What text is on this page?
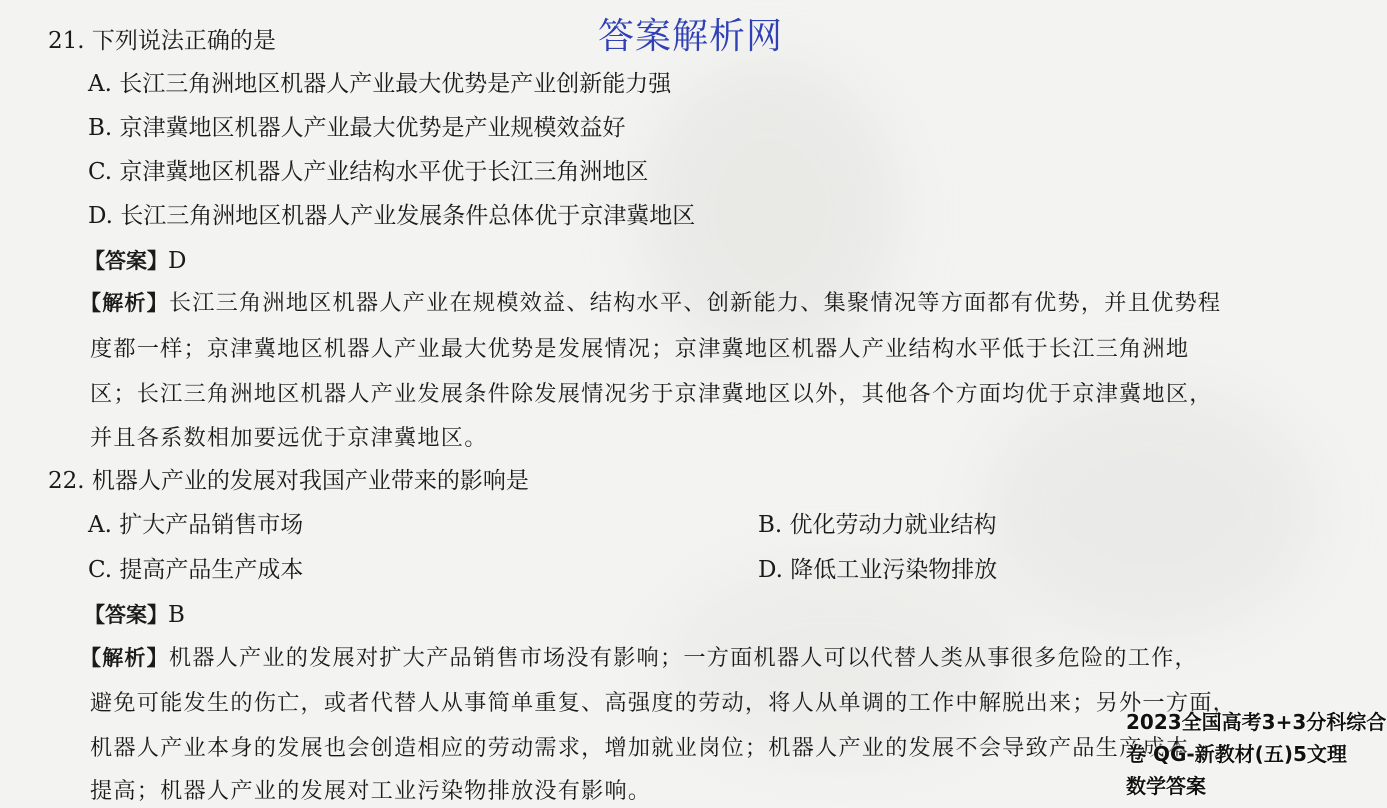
答案解析网
21. 下列说法正确的是
A. 长江三角洲地区机器人产业最大优势是产业创新能力强
B. 京津冀地区机器人产业最大优势是产业规模效益好
C. 京津冀地区机器人产业结构水平优于长江三角洲地区
D. 长江三角洲地区机器人产业发展条件总体优于京津冀地区
【答案】D
【解析】长江三角洲地区机器人产业在规模效益、结构水平、创新能力、集聚情况等方面都有优势，并且优势程
度都一样；京津冀地区机器人产业最大优势是发展情况；京津冀地区机器人产业结构水平低于长江三角洲地
区；长江三角洲地区机器人产业发展条件除发展情况劣于京津冀地区以外，其他各个方面均优于京津冀地区，
并且各系数相加要远优于京津冀地区。
22. 机器人产业的发展对我国产业带来的影响是
A. 扩大产品销售市场	B. 优化劳动力就业结构
C. 提高产品生产成本	D. 降低工业污染物排放
【答案】B
【解析】机器人产业的发展对扩大产品销售市场没有影响；一方面机器人可以代替人类从事很多危险的工作，
避免可能发生的伤亡，或者代替人从事简单重复、高强度的劳动，将人从单调的工作中解脱出来；另外一方面，
机器人产业本身的发展也会创造相应的劳动需求，增加就业岗位；机器人产业的发展不会导致产品生产成本
提高；机器人产业的发展对工业污染物排放没有影响。
2023全国高考3+3分科综合
卷 QG-新教材(五)5文理
数学答案
